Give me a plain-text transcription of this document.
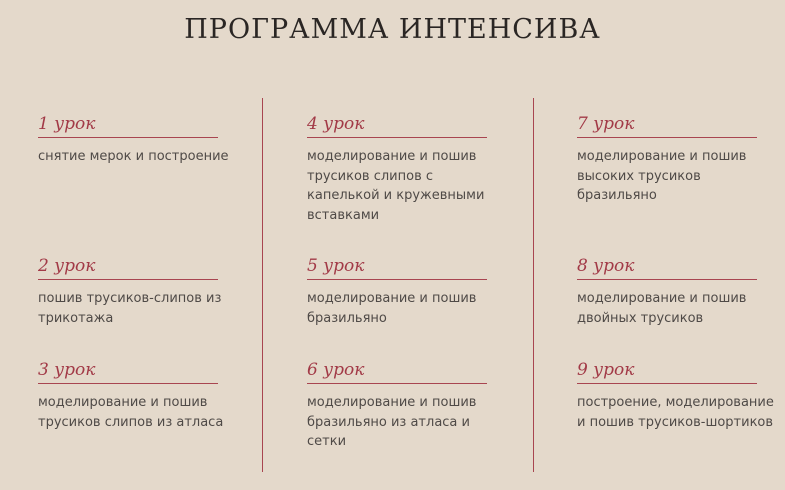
ПРОГРАММА ИНТЕНСИВА
1 урок
снятие мерок и построение
2 урок
пошив трусиков-слипов из трикотажа
3 урок
моделирование и пошив трусиков слипов из атласа
4 урок
моделирование и пошив трусиков слипов с капелькой и кружевными вставками
5 урок
моделирование и пошив бразильяно
6 урок
моделирование и пошив бразильяно из атласа и сетки
7 урок
моделирование и пошив высоких трусиков бразильяно
8 урок
моделирование и пошив двойных трусиков
9 урок
построение, моделирование и пошив трусиков-шортиков
